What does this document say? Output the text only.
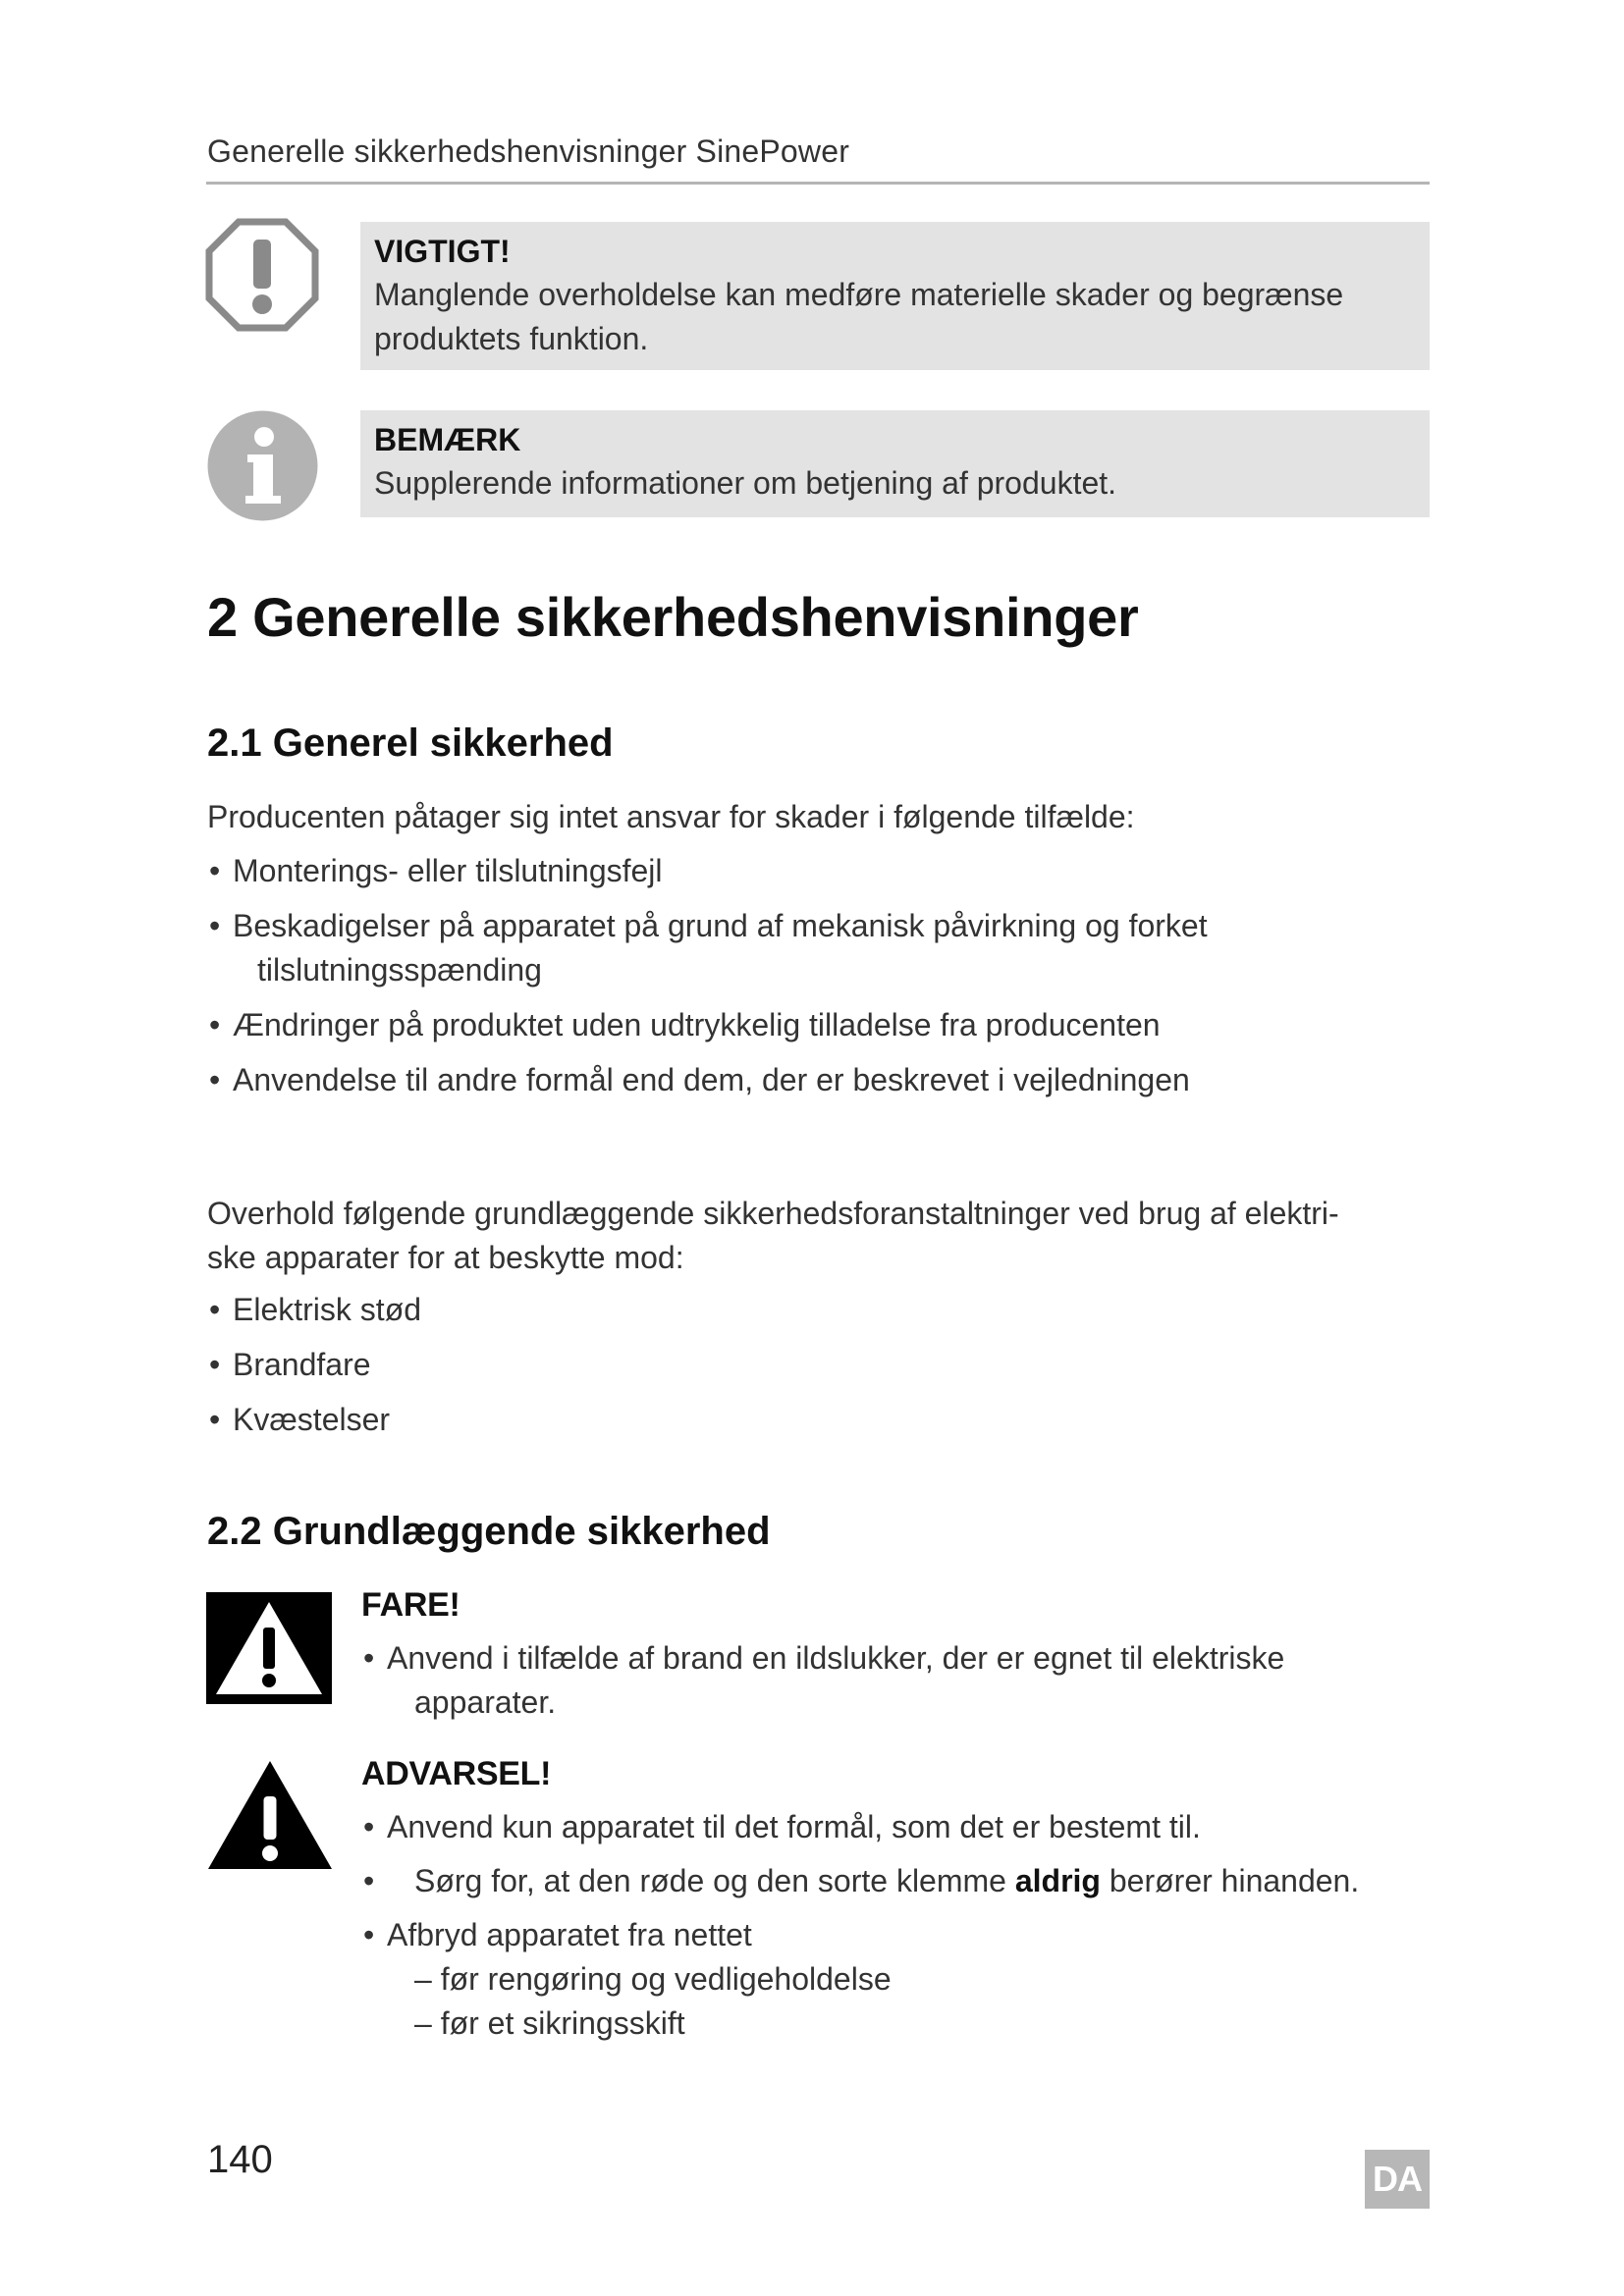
Generelle sikkerhedshenvisninger SinePower
VIGTIGT!
Manglende overholdelse kan medføre materielle skader og begrænse
produktets funktion.
BEMÆRK
Supplerende informationer om betjening af produktet.
2 Generelle sikkerhedshenvisninger
2.1 Generel sikkerhed
Producenten påtager sig intet ansvar for skader i følgende tilfælde:
• Monterings- eller tilslutningsfejl
• Beskadigelser på apparatet på grund af mekanisk påvirkning og forket
tilslutningsspænding
• Ændringer på produktet uden udtrykkelig tilladelse fra producenten
• Anvendelse til andre formål end dem, der er beskrevet i vejledningen
Overhold følgende grundlæggende sikkerhedsforanstaltninger ved brug af elektri-
ske apparater for at beskytte mod:
• Elektrisk stød
• Brandfare
• Kvæstelser
2.2 Grundlæggende sikkerhed
FARE!
• Anvend i tilfælde af brand en ildslukker, der er egnet til elektriske
apparater.
ADVARSEL!
• Anvend kun apparatet til det formål, som det er bestemt til.
• Sørg for, at den røde og den sorte klemme aldrig berører hinanden.
• Afbryd apparatet fra nettet
– før rengøring og vedligeholdelse
– før et sikringsskift
140	DA
